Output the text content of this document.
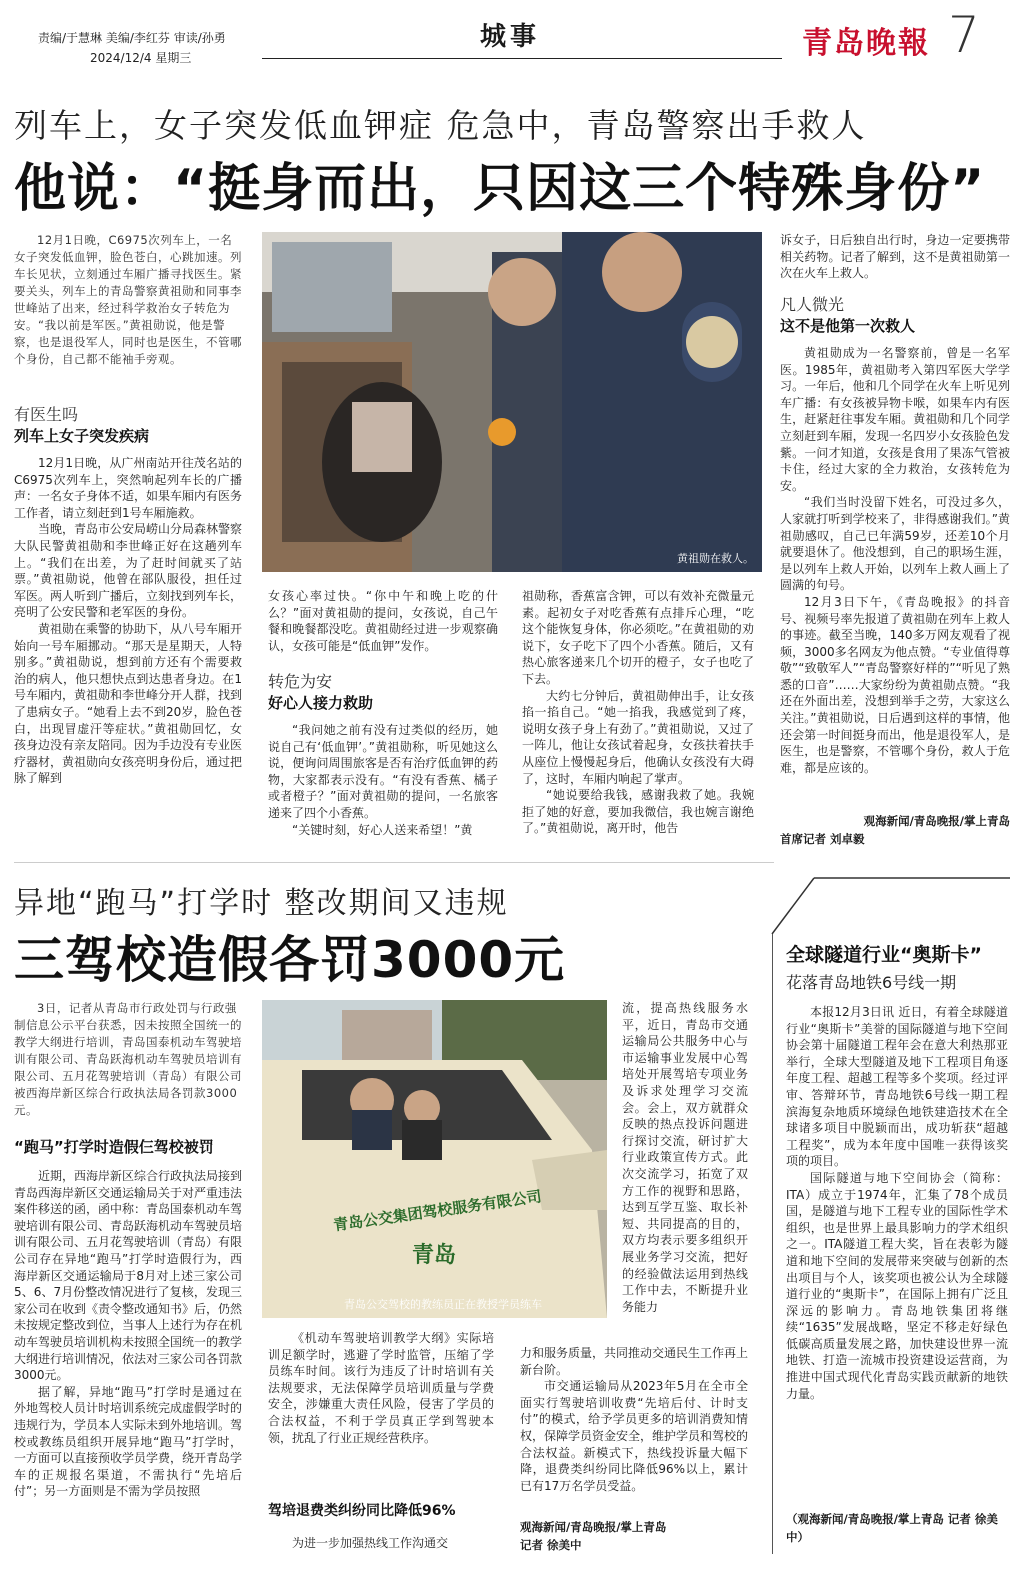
责编/于慧琳 美编/李红芬 审读/孙勇
2024/12/4 星期三
城事	青岛晚報 7
列车上，女子突发低血钾症 危急中，青岛警察出手救人
他说：“挺身而出，只因这三个特殊身份”
12月1日晚，C6975次列车上，一名女子突发低血钾，脸色苍白，心跳加速。列车长见状，立刻通过车厢广播寻找医生。紧要关头，列车上的青岛警察黄祖勋和同事李世峰站了出来，经过科学救治女子转危为安。“我以前是军医。”黄祖勋说，他是警察，也是退役军人，同时也是医生，不管哪个身份，自己都不能袖手旁观。
有医生吗
列车上女子突发疾病

12月1日晚，从广州南站开往茂名站的C6975次列车上，突然响起列车长的广播声：一名女子身体不适，如果车厢内有医务工作者，请立刻赶到1号车厢施救。

当晚，青岛市公安局崂山分局森林警察大队民警黄祖勋和李世峰正好在这趟列车上。“我们在出差，为了赶时间就买了站票。”黄祖勋说，他曾在部队服役，担任过军医。两人听到广播后，立刻找到列车长，亮明了公安民警和老军医的身份。

黄祖勋在乘警的协助下，从八号车厢开始向一号车厢挪动。“那天是星期天，人特别多。”黄祖勋说，想到前方还有个需要救治的病人，他只想快点到达患者身边。在1号车厢内，黄祖勋和李世峰分开人群，找到了患病女子。“她看上去不到20岁，脸色苍白，出现冒虚汗等症状。”黄祖勋回忆，女孩身边没有亲友陪同。因为手边没有专业医疗器材，黄祖勋向女孩亮明身份后，通过把脉了解到

黄祖勋在救人。

女孩心率过快。“你中午和晚上吃的什么？”面对黄祖勋的提问，女孩说，自己午餐和晚餐都没吃。黄祖勋经过进一步观察确认，女孩可能是“低血钾”发作。

转危为安
好心人接力救助

“我问她之前有没有过类似的经历，她说自己有‘低血钾’。”黄祖勋称，听见她这么说，便询问周围旅客是否有治疗低血钾的药物，大家都表示没有。“有没有香蕉、橘子或者橙子？”面对黄祖勋的提问，一名旅客递来了四个小香蕉。

“关键时刻，好心人送来希望！”黄

祖勋称，香蕉富含钾，可以有效补充微量元素。起初女子对吃香蕉有点排斥心理，“吃这个能恢复身体，你必须吃。”在黄祖勋的劝说下，女子吃下了四个小香蕉。随后，又有热心旅客递来几个切开的橙子，女子也吃了下去。

大约七分钟后，黄祖勋伸出手，让女孩掐一掐自己。“她一掐我，我感觉到了疼，说明女孩子身上有劲了。”黄祖勋说，又过了一阵儿，他让女孩试着起身，女孩扶着扶手从座位上慢慢起身后，他确认女孩没有大碍了，这时，车厢内响起了掌声。

“她说要给我钱，感谢我救了她。我婉拒了她的好意，要加我微信，我也婉言谢绝了。”黄祖勋说，离开时，他告

诉女子，日后独自出行时，身边一定要携带相关药物。记者了解到，这不是黄祖勋第一次在火车上救人。

凡人微光
这不是他第一次救人

黄祖勋成为一名警察前，曾是一名军医。1985年，黄祖勋考入第四军医大学学习。一年后，他和几个同学在火车上听见列车广播：有女孩被异物卡喉，如果车内有医生，赶紧赶往事发车厢。黄祖勋和几个同学立刻赶到车厢，发现一名四岁小女孩脸色发紫。一问才知道，女孩是食用了果冻气管被卡住，经过大家的全力救治，女孩转危为安。

“我们当时没留下姓名，可没过多久，人家就打听到学校来了，非得感谢我们。”黄祖勋感叹，自己已年满59岁，还差10个月就要退休了。他没想到，自己的职场生涯，是以列车上救人开始，以列车上救人画上了圆满的句号。

12月3日下午，《青岛晚报》的抖音号、视频号率先报道了黄祖勋在列车上救人的事迹。截至当晚，140多万网友观看了视频，3000多名网友为他点赞。“专业值得尊敬”“致敬军人”“青岛警察好样的”“听见了熟悉的口音”……大家纷纷为黄祖勋点赞。“我还在外面出差，没想到举手之劳，大家这么关注。”黄祖勋说，日后遇到这样的事情，他还会第一时间挺身而出，他是退役军人，是医生，也是警察，不管哪个身份，救人于危难，都是应该的。

观海新闻/青岛晚报/掌上青岛
首席记者 刘卓毅
异地“跑马”打学时 整改期间又违规
三驾校造假各罚3000元
3日，记者从青岛市行政处罚与行政强制信息公示平台获悉，因未按照全国统一的教学大纲进行培训，青岛国泰机动车驾驶培训有限公司、青岛跃海机动车驾驶员培训有限公司、五月花驾驶培训（青岛）有限公司被西海岸新区综合行政执法局各罚款3000元。
“跑马”打学时造假仨驾校被罚

近期，西海岸新区综合行政执法局接到青岛西海岸新区交通运输局关于对严重违法案件移送的函，函中称：青岛国泰机动车驾驶培训有限公司、青岛跃海机动车驾驶员培训有限公司、五月花驾驶培训（青岛）有限公司存在异地“跑马”打学时造假行为，西海岸新区交通运输局于8月对上述三家公司5、6、7月份整改情况进行了复核，发现三家公司在收到《责令整改通知书》后，仍然未按规定整改到位，当事人上述行为存在机动车驾驶员培训机构未按照全国统一的教学大纲进行培训情况，依法对三家公司各罚款3000元。

据了解，异地“跑马”打学时是通过在外地驾校人员计时培训系统完成虚假学时的违规行为，学员本人实际未到外地培训。驾校或教练员组织开展异地“跑马”打学时，一方面可以直接预收学员学费，绕开青岛学车的正规报名渠道，不需执行“先培后付”；另一方面则是不需为学员按照

青岛公交集团驾校服务有限公司
青岛
青岛公交驾校的教练员正在教授学员练车

《机动车驾驶培训教学大纲》实际培训足额学时，逃避了学时监管，压缩了学员练车时间。该行为违反了计时培训有关法规要求，无法保障学员培训质量与学费安全，涉嫌重大责任风险，侵害了学员的合法权益，不利于学员真正学到驾驶本领，扰乱了行业正规经营秩序。

驾培退费类纠纷同比降低96%

为进一步加强热线工作沟通交

流，提高热线服务水平，近日，青岛市交通运输局公共服务中心与市运输事业发展中心驾培处开展驾培专项业务及诉求处理学习交流会。会上，双方就群众反映的热点投诉问题进行探讨交流，研讨扩大行业政策宣传方式。此次交流学习，拓宽了双方工作的视野和思路，达到互学互鉴、取长补短、共同提高的目的，双方均表示要多组织开展业务学习交流，把好的经验做法运用到热线工作中去，不断提升业务能力

力和服务质量，共同推动交通民生工作再上新台阶。

市交通运输局从2023年5月在全市全面实行驾驶培训收费“先培后付、计时支付”的模式，给予学员更多的培训消费知情权，保障学员资金安全，维护学员和驾校的合法权益。新模式下，热线投诉量大幅下降，退费类纠纷同比降低96%以上，累计已有17万名学员受益。

观海新闻/青岛晚报/掌上青岛
记者 徐美中
全球隧道行业“奥斯卡”
花落青岛地铁6号线一期

本报12月3日讯 近日，有着全球隧道行业“奥斯卡”美誉的国际隧道与地下空间协会第十届隧道工程年会在意大利热那亚举行，全球大型隧道及地下工程项目角逐年度工程、超越工程等多个奖项。经过评审、答辩环节，青岛地铁6号线一期工程滨海复杂地质环境绿色地铁建造技术在全球诸多项目中脱颖而出，成功斩获“超越工程奖”，成为本年度中国唯一获得该奖项的项目。

国际隧道与地下空间协会（简称：ITA）成立于1974年，汇集了78个成员国，是隧道与地下工程专业的国际性学术组织，也是世界上最具影响力的学术组织之一。ITA隧道工程大奖，旨在表彰为隧道和地下空间的发展带来突破与创新的杰出项目与个人，该奖项也被公认为全球隧道行业的“奥斯卡”，在国际上拥有广泛且深远的影响力。青岛地铁集团将继续“1635”发展战略，坚定不移走好绿色低碳高质量发展之路，加快建设世界一流地铁、打造一流城市投资建设运营商，为推进中国式现代化青岛实践贡献新的地铁力量。

（观海新闻/青岛晚报/掌上青岛 记者 徐美中）
